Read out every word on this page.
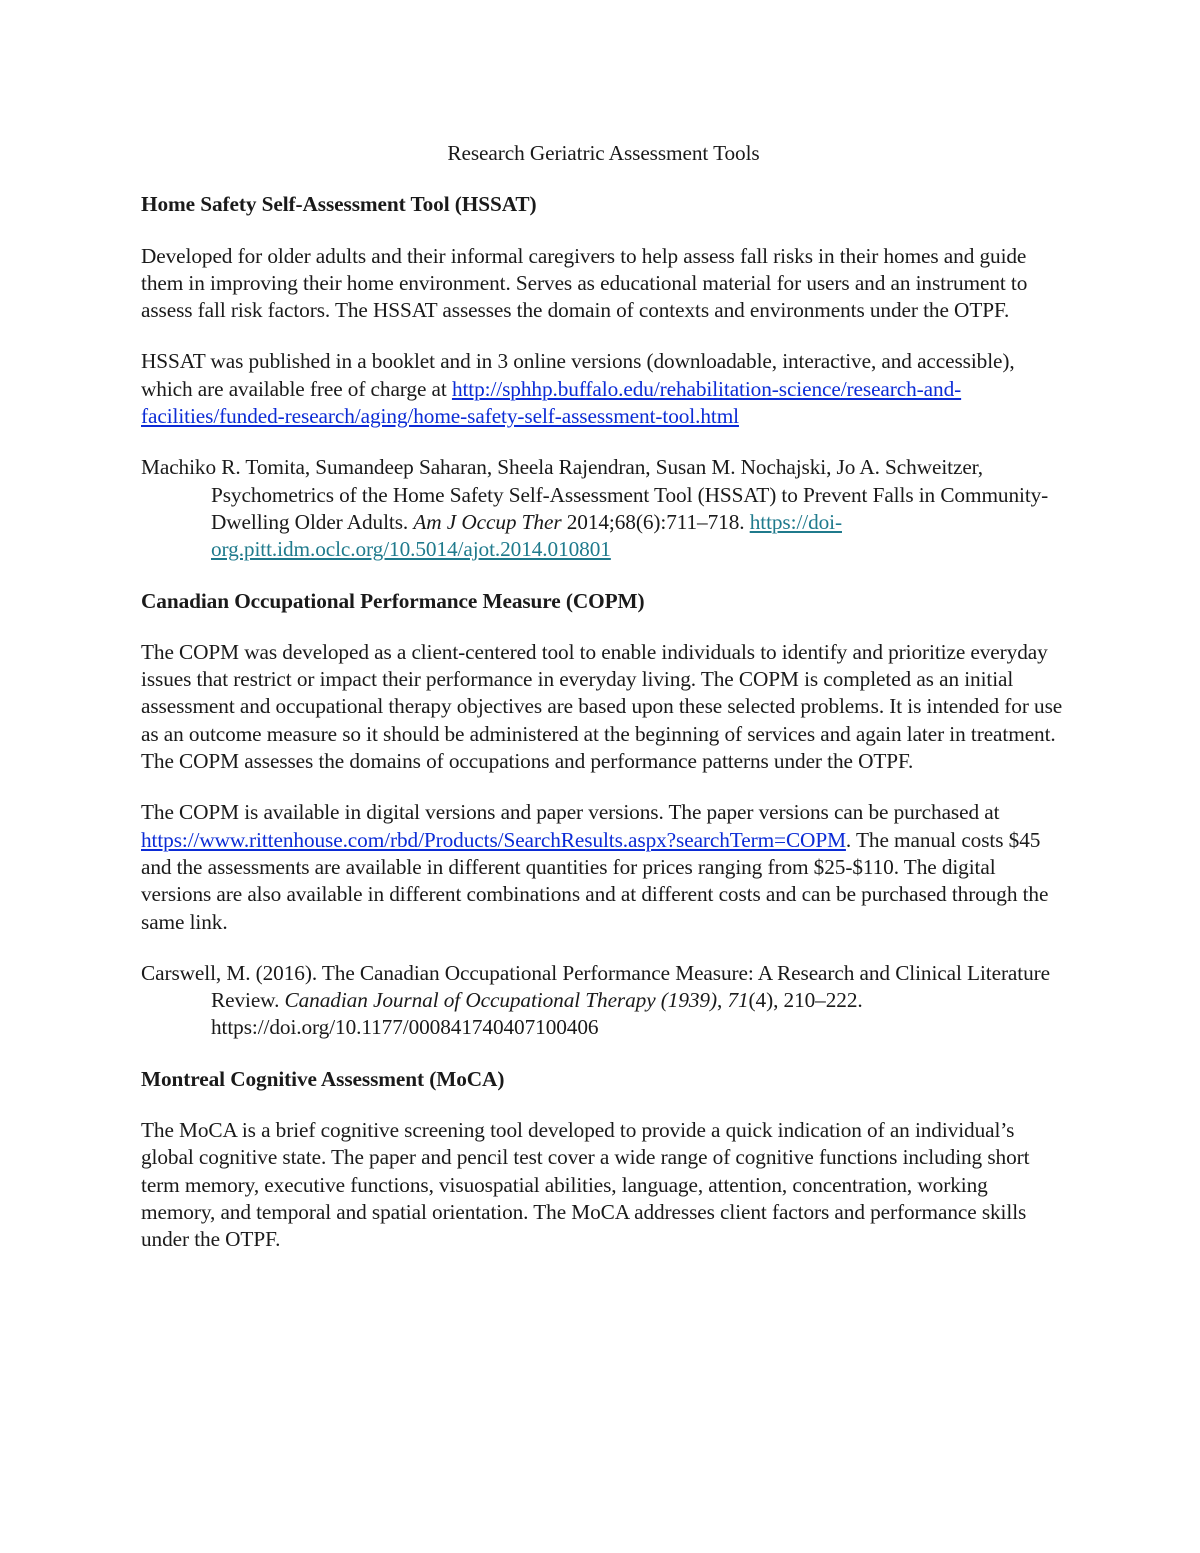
Research Geriatric Assessment Tools
Home Safety Self-Assessment Tool (HSSAT)

Developed for older adults and their informal caregivers to help assess fall risks in their homes and guide them in improving their home environment. Serves as educational material for users and an instrument to assess fall risk factors. The HSSAT assesses the domain of contexts and environments under the OTPF.

HSSAT was published in a booklet and in 3 online versions (downloadable, interactive, and accessible), which are available free of charge at http://sphhp.buffalo.edu/rehabilitation-science/research-and-facilities/funded-research/aging/home-safety-self-assessment-tool.html

Machiko R. Tomita, Sumandeep Saharan, Sheela Rajendran, Susan M. Nochajski, Jo A. Schweitzer, Psychometrics of the Home Safety Self-Assessment Tool (HSSAT) to Prevent Falls in Community-Dwelling Older Adults. Am J Occup Ther 2014;68(6):711–718. https://doi-org.pitt.idm.oclc.org/10.5014/ajot.2014.010801
Canadian Occupational Performance Measure (COPM)

The COPM was developed as a client-centered tool to enable individuals to identify and prioritize everyday issues that restrict or impact their performance in everyday living. The COPM is completed as an initial assessment and occupational therapy objectives are based upon these selected problems. It is intended for use as an outcome measure so it should be administered at the beginning of services and again later in treatment. The COPM assesses the domains of occupations and performance patterns under the OTPF.

The COPM is available in digital versions and paper versions. The paper versions can be purchased at https://www.rittenhouse.com/rbd/Products/SearchResults.aspx?searchTerm=COPM. The manual costs $45 and the assessments are available in different quantities for prices ranging from $25-$110. The digital versions are also available in different combinations and at different costs and can be purchased through the same link.

Carswell, M. (2016). The Canadian Occupational Performance Measure: A Research and Clinical Literature Review. Canadian Journal of Occupational Therapy (1939), 71(4), 210–222. https://doi.org/10.1177/000841740407100406
Montreal Cognitive Assessment (MoCA)

The MoCA is a brief cognitive screening tool developed to provide a quick indication of an individual’s global cognitive state. The paper and pencil test cover a wide range of cognitive functions including short term memory, executive functions, visuospatial abilities, language, attention, concentration, working memory, and temporal and spatial orientation. The MoCA addresses client factors and performance skills under the OTPF.
